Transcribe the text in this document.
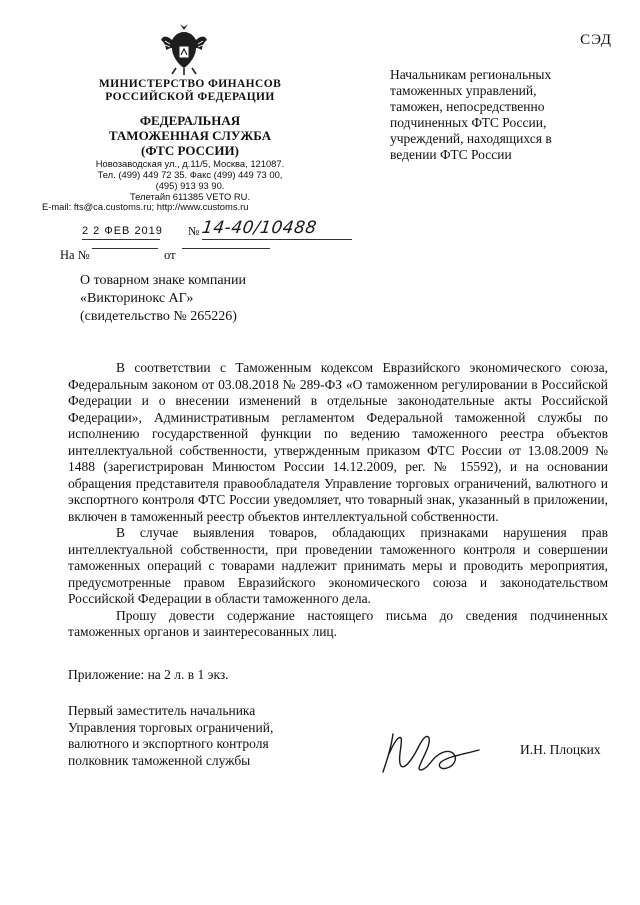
СЭД
МИНИСТЕРСТВО ФИНАНСОВ
РОССИЙСКОЙ ФЕДЕРАЦИИ
ФЕДЕРАЛЬНАЯ
ТАМОЖЕННАЯ СЛУЖБА
(ФТС РОССИИ)
Новозаводская ул., д.11/5, Москва, 121087.
Тел. (499) 449 72 35. Факс (499) 449 73 00,
(495) 913 93 90.
Телетайп 611385 VETO RU.
E-mail: fts@ca.customs.ru; http://www.customs.ru
2 2 ФЕВ 2019 № 14-40/10488
На №	от
Начальникам региональных
таможенных управлений,
таможен, непосредственно
подчиненных ФТС России,
учреждений, находящихся в
ведении ФТС России
О товарном знаке компании
«Викторинокс АГ»
(свидетельство № 265226)

В соответствии с Таможенным кодексом Евразийского экономического союза, Федеральным законом от 03.08.2018 № 289-ФЗ «О таможенном регулировании в Российской Федерации и о внесении изменений в отдельные законодательные акты Российской Федерации», Административным регламентом Федеральной таможенной службы по исполнению государственной функции по ведению таможенного реестра объектов интеллектуальной собственности, утвержденным приказом ФТС России от 13.08.2009 № 1488 (зарегистрирован Минюстом России 14.12.2009, рег. № 15592), и на основании обращения представителя правообладателя Управление торговых ограничений, валютного и экспортного контроля ФТС России уведомляет, что товарный знак, указанный в приложении, включен в таможенный реестр объектов интеллектуальной собственности.

В случае выявления товаров, обладающих признаками нарушения прав интеллектуальной собственности, при проведении таможенного контроля и совершении таможенных операций с товарами надлежит принимать меры и проводить мероприятия, предусмотренные правом Евразийского экономического союза и законодательством Российской Федерации в области таможенного дела.

Прошу довести содержание настоящего письма до сведения подчиненных таможенных органов и заинтересованных лиц.

Приложение: на 2 л. в 1 экз.
Первый заместитель начальника
Управления торговых ограничений,
валютного и экспортного контроля
полковник таможенной службы
И.Н. Плоцких
